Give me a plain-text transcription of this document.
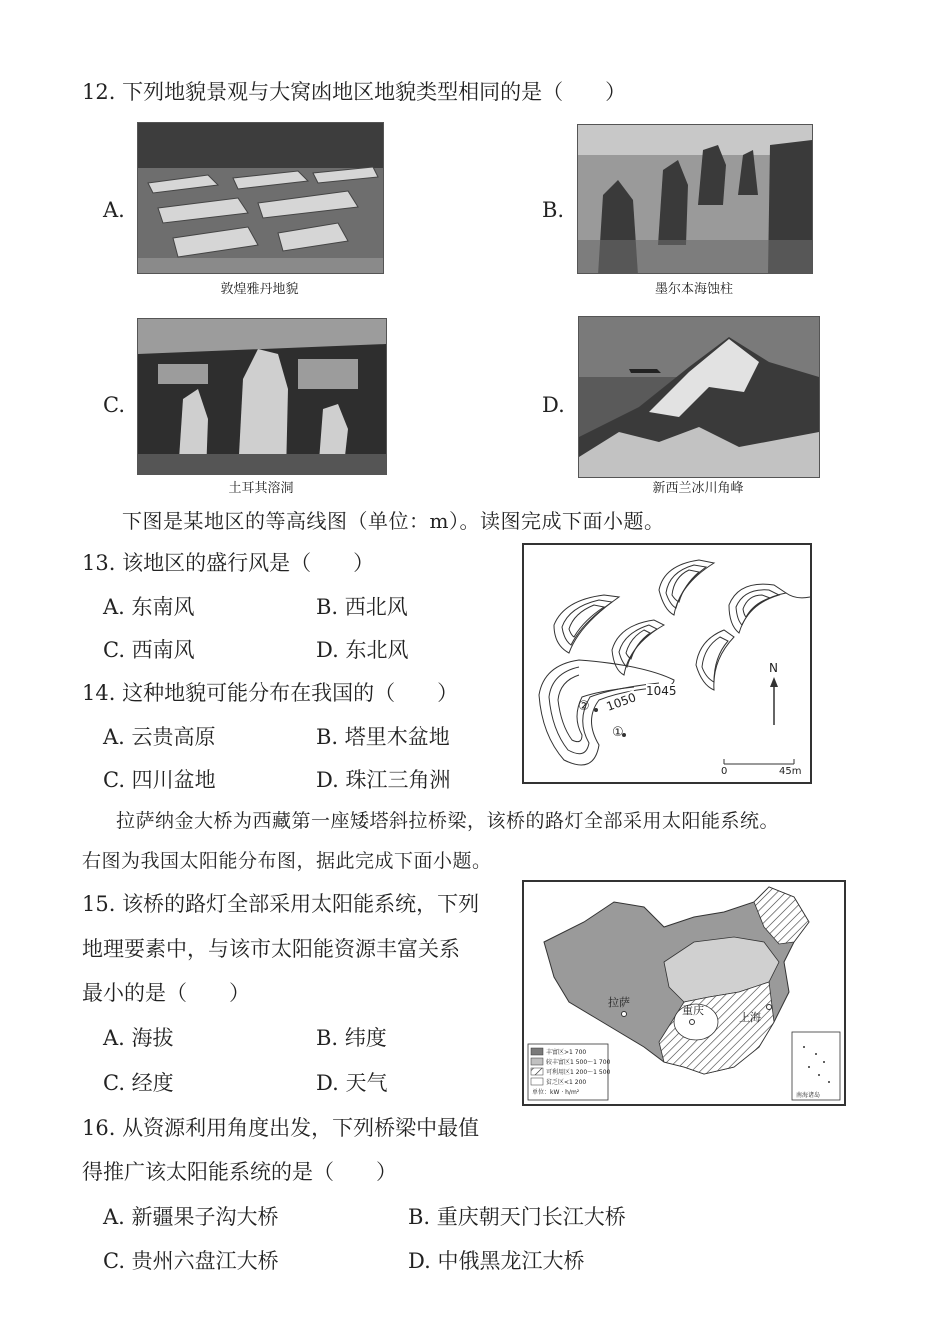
12. 下列地貌景观与大窝凼地区地貌类型相同的是（　　）
A.
敦煌雅丹地貌
B.
墨尔本海蚀柱
C.
土耳其溶洞
D.
新西兰冰川角峰
下图是某地区的等高线图（单位：m）。读图完成下面小题。
13. 该地区的盛行风是（　　）
A. 东南风	B. 西北风
C. 西南风	D. 东北风
14. 这种地貌可能分布在我国的（　　）
A. 云贵高原	B. 塔里木盆地
C. 四川盆地	D. 珠江三角洲
1045
1050
②
①
N
0	45m
拉萨纳金大桥为西藏第一座矮塔斜拉桥梁，该桥的路灯全部采用太阳能系统。
右图为我国太阳能分布图，据此完成下面小题。
15. 该桥的路灯全部采用太阳能系统，下列
地理要素中，与该市太阳能资源丰富关系
最小的是（　　）
A. 海拔	B. 纬度
C. 经度	D. 天气
拉萨
重庆
上海
丰富区>1 700
较丰富区1 500～1 700
可利用区1 200～1 500
贫乏区<1 200
单位：kW · h/m²	南海诸岛
16. 从资源利用角度出发，下列桥梁中最值
得推广该太阳能系统的是（　　）
A. 新疆果子沟大桥	B. 重庆朝天门长江大桥
C. 贵州六盘江大桥	D. 中俄黑龙江大桥
